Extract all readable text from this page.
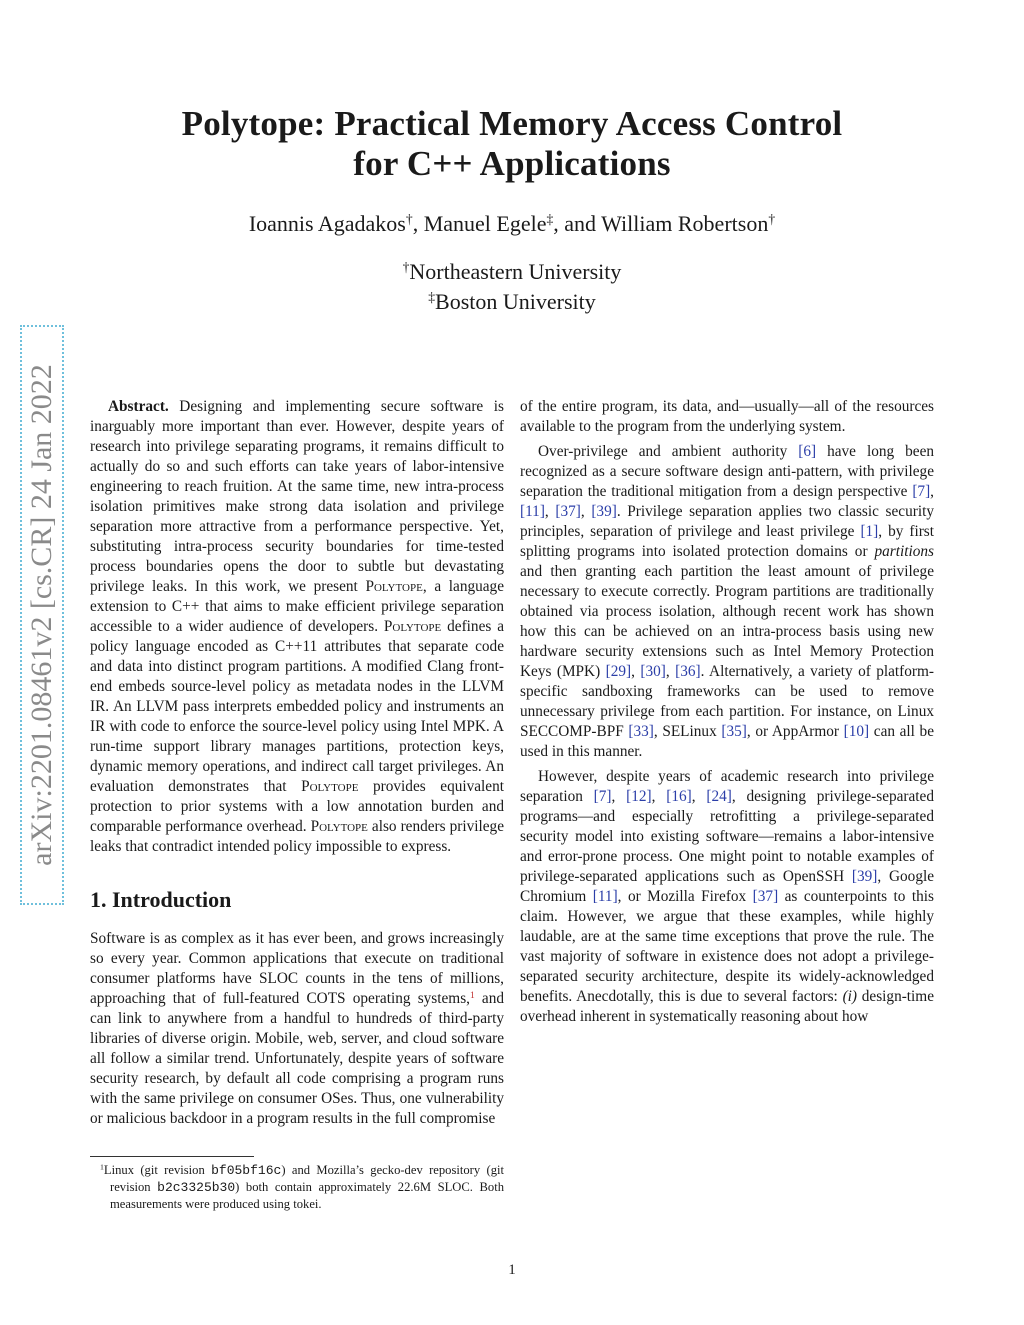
arXiv:2201.08461v2 [cs.CR] 24 Jan 2022
Polytope: Practical Memory Access Control
for C++ Applications
Ioannis Agadakos†, Manuel Egele‡, and William Robertson†
†Northeastern University
‡Boston University

Abstract. Designing and implementing secure software is inarguably more important than ever. However, despite years of research into privilege separating programs, it remains difficult to actually do so and such efforts can take years of labor-intensive engineering to reach fruition. At the same time, new intra-process isolation primitives make strong data isolation and privilege separation more attractive from a performance perspective. Yet, substituting intra-process security boundaries for time-tested process boundaries opens the door to subtle but devastating privilege leaks. In this work, we present Polytope, a language extension to C++ that aims to make efficient privilege separation accessible to a wider audience of developers. Polytope defines a policy language encoded as C++11 attributes that separate code and data into distinct program partitions. A modified Clang front-end embeds source-level policy as metadata nodes in the LLVM IR. An LLVM pass interprets embedded policy and instruments an IR with code to enforce the source-level policy using Intel MPK. A run-time support library manages partitions, protection keys, dynamic memory operations, and indirect call target privileges. An evaluation demonstrates that Polytope provides equivalent protection to prior systems with a low annotation burden and comparable performance overhead. Polytope also renders privilege leaks that contradict intended policy impossible to express.

1. Introduction

Software is as complex as it has ever been, and grows increasingly so every year. Common applications that execute on traditional consumer platforms have SLOC counts in the tens of millions, approaching that of full-featured COTS operating systems,$^1$ and can link to anywhere from a handful to hundreds of third-party libraries of diverse origin. Mobile, web, server, and cloud software all follow a similar trend. Unfortunately, despite years of software security research, by default all code comprising a program runs with the same privilege on consumer OSes. Thus, one vulnerability or malicious backdoor in a program results in the full compromise

of the entire program, its data, and—usually—all of the resources available to the program from the underlying system.

Over-privilege and ambient authority [6] have long been recognized as a secure software design anti-pattern, with privilege separation the traditional mitigation from a design perspective [7], [11], [37], [39]. Privilege separation applies two classic security principles, separation of privilege and least privilege [1], by first splitting programs into isolated protection domains or partitions and then granting each partition the least amount of privilege necessary to execute correctly. Program partitions are traditionally obtained via process isolation, although recent work has shown how this can be achieved on an intra-process basis using new hardware security extensions such as Intel Memory Protection Keys (MPK) [29], [30], [36]. Alternatively, a variety of platform-specific sandboxing frameworks can be used to remove unnecessary privilege from each partition. For instance, on Linux SECCOMP-BPF [33], SELinux [35], or AppArmor [10] can all be used in this manner.

However, despite years of academic research into privilege separation [7], [12], [16], [24], designing privilege-separated programs—and especially retrofitting a privilege-separated security model into existing software—remains a labor-intensive and error-prone process. One might point to notable examples of privilege-separated applications such as OpenSSH [39], Google Chromium [11], or Mozilla Firefox [37] as counterpoints to this claim. However, we argue that these examples, while highly laudable, are at the same time exceptions that prove the rule. The vast majority of software in existence does not adopt a privilege-separated security architecture, despite its widely-acknowledged benefits. Anecdotally, this is due to several factors: (i) design-time overhead inherent in systematically reasoning about how

$^1$Linux (git revision bf05bf16c) and Mozilla’s gecko-dev repository (git revision b2c3325b30) both contain approximately 22.6M SLOC. Both measurements were produced using tokei.
1
